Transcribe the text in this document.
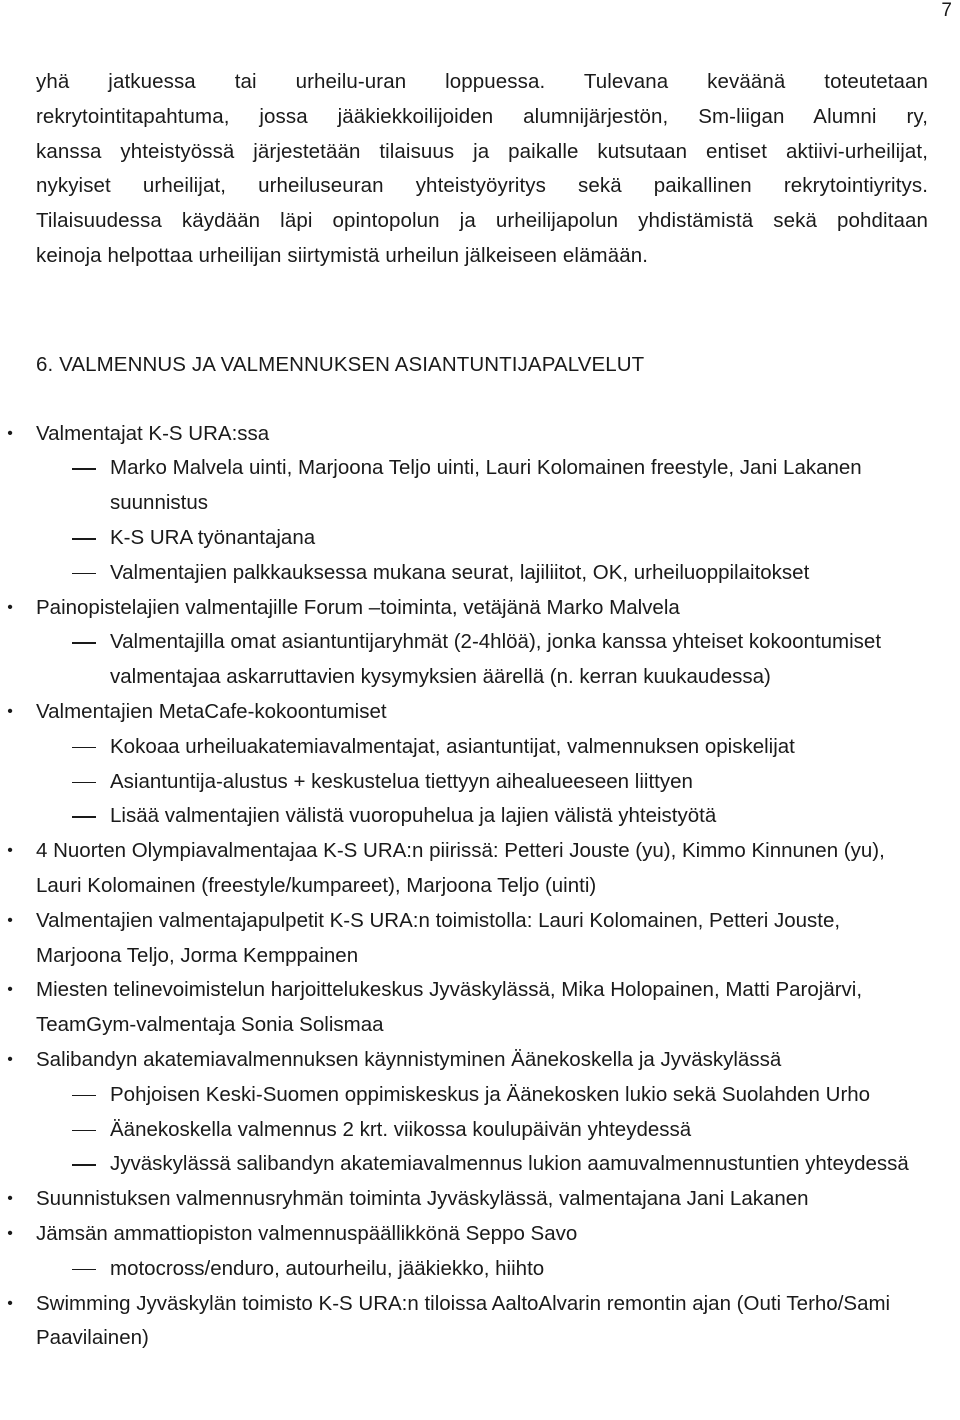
7

yhä jatkuessa tai urheilu-uran loppuessa. Tulevana keväänä toteutetaan

rekrytointitapahtuma, jossa jääkiekkoilijoiden alumnijärjestön, Sm-liigan Alumni ry,

kanssa yhteistyössä järjestetään tilaisuus ja paikalle kutsutaan entiset aktiivi-urheilijat,

nykyiset urheilijat, urheiluseuran yhteistyöyritys sekä paikallinen rekrytointiyritys.

Tilaisuudessa käydään läpi opintopolun ja urheilijapolun yhdistämistä sekä pohditaan

keinoja helpottaa urheilijan siirtymistä urheilun jälkeiseen elämään.

6. VALMENNUS JA VALMENNUKSEN ASIANTUNTIJAPALVELUT
•	Valmentajat K-S URA:ssa
Marko Malvela uinti, Marjoona Teljo uinti, Lauri Kolomainen freestyle, Jani Lakanen suunnistus
K-S URA työnantajana
Valmentajien palkkauksessa mukana seurat, lajiliitot, OK, urheiluoppilaitokset
•	Painopistelajien valmentajille Forum –toiminta, vetäjänä Marko Malvela
Valmentajilla omat asiantuntijaryhmät (2-4hlöä), jonka kanssa yhteiset kokoontumiset valmentajaa askarruttavien kysymyksien äärellä (n. kerran kuukaudessa)
•	Valmentajien MetaCafe-kokoontumiset
Kokoaa urheiluakatemiavalmentajat, asiantuntijat, valmennuksen opiskelijat
Asiantuntija-alustus + keskustelua tiettyyn aihealueeseen liittyen
Lisää valmentajien välistä vuoropuhelua ja lajien välistä yhteistyötä
•	4 Nuorten Olympiavalmentajaa K-S URA:n piirissä: Petteri Jouste (yu), Kimmo Kinnunen (yu), Lauri Kolomainen (freestyle/kumpareet), Marjoona Teljo (uinti)
•	Valmentajien valmentajapulpetit K-S URA:n toimistolla: Lauri Kolomainen, Petteri Jouste, Marjoona Teljo, Jorma Kemppainen
•	Miesten telinevoimistelun harjoittelukeskus Jyväskylässä, Mika Holopainen, Matti Parojärvi, TeamGym-valmentaja Sonia Solismaa
•	Salibandyn akatemiavalmennuksen käynnistyminen Äänekoskella ja Jyväskylässä
Pohjoisen Keski-Suomen oppimiskeskus ja Äänekosken lukio sekä Suolahden Urho
Äänekoskella valmennus 2 krt. viikossa koulupäivän yhteydessä
Jyväskylässä salibandyn akatemiavalmennus lukion aamuvalmennustuntien yhteydessä
•	Suunnistuksen valmennusryhmän toiminta Jyväskylässä, valmentajana Jani Lakanen
•	Jämsän ammattiopiston valmennuspäällikkönä Seppo Savo
motocross/enduro, autourheilu, jääkiekko, hiihto
•	Swimming Jyväskylän toimisto K-S URA:n tiloissa AaltoAlvarin remontin ajan (Outi Terho/Sami Paavilainen)
